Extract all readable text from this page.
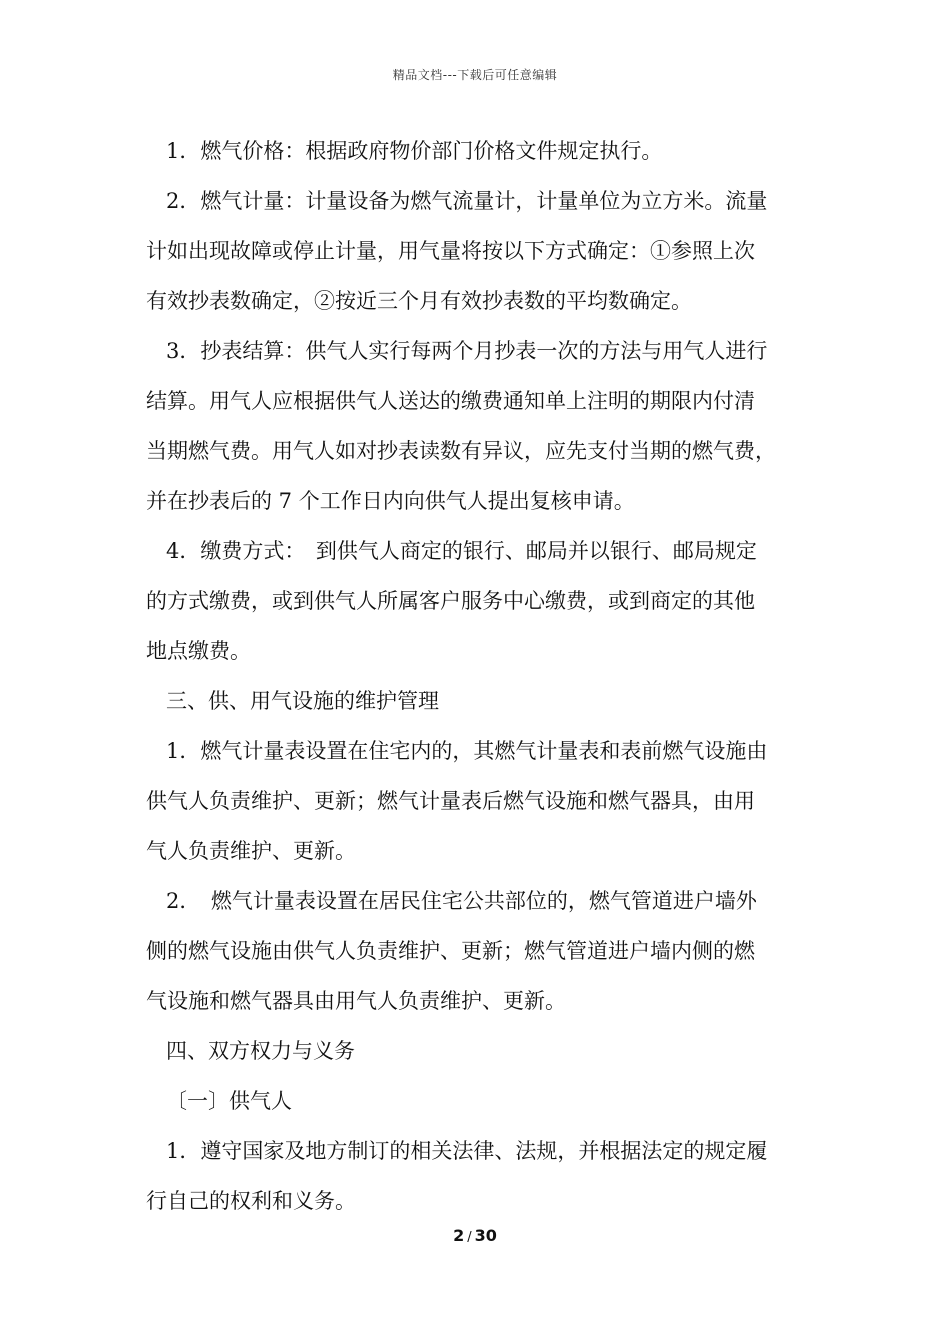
精品文档---下载后可任意编辑
1．燃气价格：根据政府物价部门价格文件规定执行。
2．燃气计量：计量设备为燃气流量计，计量单位为立方米。流量
计如出现故障或停止计量，用气量将按以下方式确定：①参照上次
有效抄表数确定，②按近三个月有效抄表数的平均数确定。
3．抄表结算：供气人实行每两个月抄表一次的方法与用气人进行
结算。用气人应根据供气人送达的缴费通知单上注明的期限内付清
当期燃气费。用气人如对抄表读数有异议，应先支付当期的燃气费，
并在抄表后的 7 个工作日内向供气人提出复核申请。
4．缴费方式：　到供气人商定的银行、邮局并以银行、邮局规定
的方式缴费，或到供气人所属客户服务中心缴费，或到商定的其他
地点缴费。
三、供、用气设施的维护管理
1．燃气计量表设置在住宅内的，其燃气计量表和表前燃气设施由
供气人负责维护、更新；燃气计量表后燃气设施和燃气器具，由用
气人负责维护、更新。
2．　燃气计量表设置在居民住宅公共部位的，燃气管道进户墙外
侧的燃气设施由供气人负责维护、更新；燃气管道进户墙内侧的燃
气设施和燃气器具由用气人负责维护、更新。
四、双方权力与义务
〔一〕供气人
1．遵守国家及地方制订的相关法律、法规，并根据法定的规定履
行自己的权利和义务。
2 / 30
